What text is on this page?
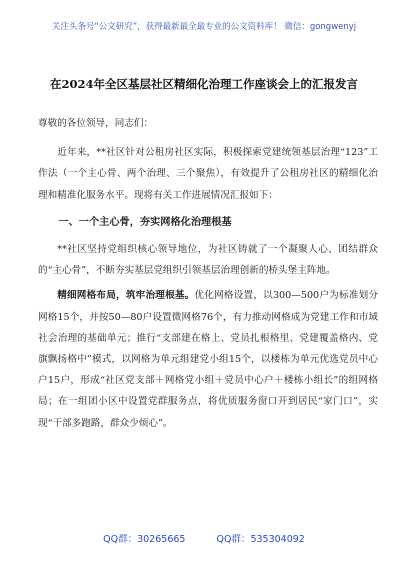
关注头条号“公文研究”，获得最新最全最专业的公文资料库！ 微信：gongwenyj
在2024年全区基层社区精细化治理工作座谈会上的汇报发言

尊敬的各位领导，同志们：

近年来，**社区针对公租房社区实际，积极探索党建统领基层治理“123”工作法（一个主心骨、两个治理、三个聚焦），有效提升了公租房社区的精细化治理和精准化服务水平。现将有关工作进展情况汇报如下：

一、一个主心骨，夯实网格化治理根基

**社区坚持党组织核心领导地位，为社区铸就了一个凝聚人心、团结群众的“主心骨”，不断夯实基层党组织引领基层治理创新的桥头堡主阵地。

精细网格布局，筑牢治理根基。优化网格设置，以300—500户为标准划分网格15个，并按50—80户设置微网格76个，有力推动网格成为党建工作和市域社会治理的基础单元；推行“支部建在格上、党员扎根格里、党建覆盖格内、党旗飘扬格中”模式，以网格为单元组建党小组15个，以楼栋为单元优选党员中心户15户，形成“社区党支部＋网格党小组＋党员中心户＋楼栋小组长”的组网格局；在一组团小区中设置党群服务点，将优质服务窗口开到居民“家门口”，实现“干部多跑路，群众少烦心”。

QQ群：30265665	QQ群：535304092
